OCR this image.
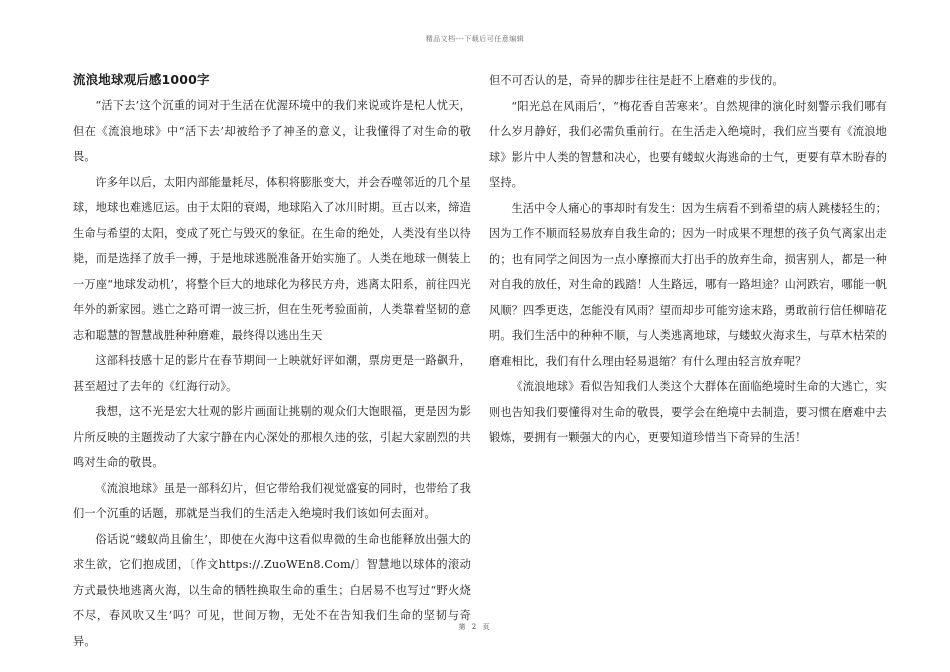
精品文档---下载后可任意编辑
流浪地球观后感1000字

“活下去’这个沉重的词对于生活在优渥环境中的我们来说或许是杞人忧天，但在《流浪地球》中“活下去’却被给予了神圣的意义，让我懂得了对生命的敬畏。

许多年以后，太阳内部能量耗尽，体积将膨胀变大，并会吞噬邻近的几个星球，地球也难逃厄运。由于太阳的衰竭，地球陷入了冰川时期。亘古以来，缔造生命与希望的太阳，变成了死亡与毁灭的象征。在生命的绝处，人类没有坐以待毙，而是选择了放手一搏，于是地球逃脱准备开始实施了。人类在地球一侧装上一万座“地球发动机’，将整个巨大的地球化为移民方舟，逃离太阳系，前往四光年外的新家园。逃亡之路可谓一波三折，但在生死考验面前，人类靠着坚韧的意志和聪慧的智慧战胜种种磨难，最终得以逃出生天

这部科技感十足的影片在春节期间一上映就好评如潮，票房更是一路飙升，甚至超过了去年的《红海行动》。

我想，这不光是宏大壮观的影片画面让挑剔的观众们大饱眼福，更是因为影片所反映的主题拨动了大家宁静在内心深处的那根久违的弦，引起大家剧烈的共鸣对生命的敬畏。

《流浪地球》虽是一部科幻片，但它带给我们视觉盛宴的同时，也带给了我们一个沉重的话题，那就是当我们的生活走入绝境时我们该如何去面对。

俗话说“蝼蚁尚且偷生’，即使在火海中这看似卑微的生命也能释放出强大的求生欲，它们抱成团，〔作文https://.ZuoWEn8.Com/〕智慧地以球体的滚动方式最快地逃离火海，以生命的牺牲换取生命的重生；白居易不也写过“野火烧不尽，春风吹又生’吗？可见，世间万物，无处不在告知我们生命的坚韧与奇异。

但不可否认的是，奇异的脚步往往是赶不上磨难的步伐的。

“阳光总在风雨后’，“梅花香自苦寒来’。自然规律的演化时刻警示我们哪有什么岁月静好，我们必需负重前行。在生活走入绝境时，我们应当要有《流浪地球》影片中人类的智慧和决心，也要有蝼蚁火海逃命的士气，更要有草木盼春的坚持。

生活中令人痛心的事却时有发生：因为生病看不到希望的病人跳楼轻生的；因为工作不顺而轻易放弃自我生命的；因为一时成果不理想的孩子负气离家出走的；也有同学之间因为一点小摩擦而大打出手的放弃生命，损害别人，都是一种对自我的放任，对生命的践踏！人生路远，哪有一路坦途？山河跌宕，哪能一帆风顺？四季更迭，怎能没有风雨？望而却步可能穷途末路，勇敢前行信任柳暗花明。我们生活中的种种不顺，与人类逃离地球，与蝼蚁火海求生，与草木枯荣的磨难相比，我们有什么理由轻易退缩？有什么理由轻言放弃呢？

《流浪地球》看似告知我们人类这个大群体在面临绝境时生命的大逃亡，实则也告知我们要懂得对生命的敬畏，要学会在绝境中去制造，要习惯在磨难中去锻炼，要拥有一颗强大的内心，更要知道珍惜当下奇异的生活！

第 2 页
